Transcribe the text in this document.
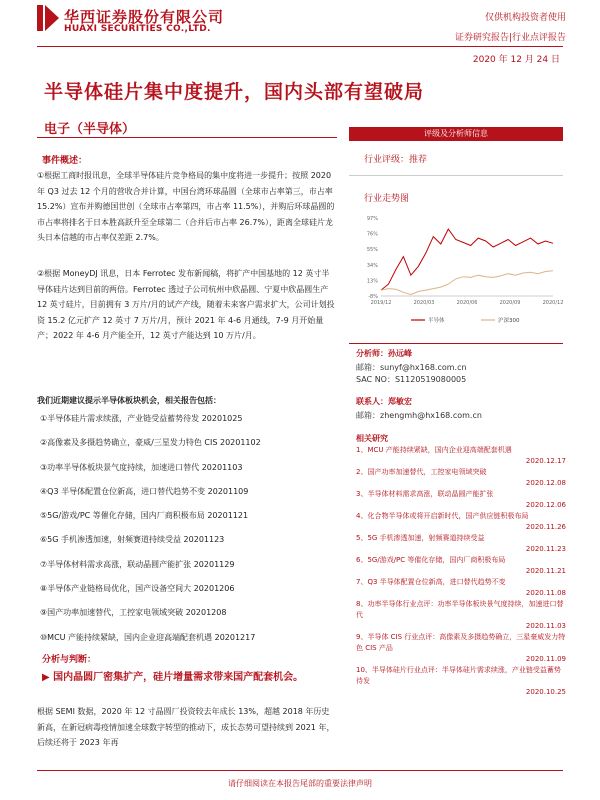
华西证券股份有限公司
HUAXI SECURITIES CO.,LTD.
仅供机构投资者使用
证券研究报告|行业点评报告
2020 年 12 月 24 日
半导体硅片集中度提升，国内头部有望破局
电子（半导体）
事件概述：
①根据工商时报讯息，全球半导体硅片竞争格局的集中度将进一步提升；按照 2020 年 Q3 过去 12 个月的营收合并计算，中国台湾环球晶圆（全球市占率第三，市占率 15.2%）宣布并购德国世创（全球市占率第四，市占率 11.5%），并购后环球晶圆的市占率将排名于日本胜高跃升至全球第二（合并后市占率 26.7%），距离全球硅片龙头日本信越的市占率仅差距 2.7%。
②根据 MoneyDJ 讯息，日本 Ferrotec 发布新闻稿，将扩产中国基地的 12 英寸半导体硅片达到目前的两倍。Ferrotec 透过子公司杭州中欣晶圆、宁夏中欣晶圆生产 12 英寸硅片，目前拥有 3 万片/月的试产产线，随着未来客户需求扩大，公司计划投资 15.2 亿元扩产 12 英寸 7 万片/月，预计 2021 年 4-6 月通线，7-9 月开始量产；2022 年 4-6 月产能全开，12 英寸产能达到 10 万片/月。
我们近期建议提示半导体板块机会，相关报告包括：
①半导体硅片需求续涨，产业链受益蓄势待发 20201025
②高像素及多摄趋势确立，豪威/三星发力特色 CIS 20201102
③功率半导体板块景气度持续，加速进口替代 20201103
④Q3 半导体配置仓位新高，进口替代趋势不变 20201109
⑤5G/游戏/PC 等催化存储，国内厂商积极布局 20201121
⑥5G 手机渗透加速，射频赛道持续受益 20201123
⑦半导体材料需求高涨，联动晶圆产能扩张 20201129
⑧半导体产业链格局优化，国产设备空间大 20201206
⑨国产功率加速替代，工控家电领域突破 20201208
⑩MCU 产能持续紧缺，国内企业迎高端配套机遇 20201217
分析与判断：
▶ 国内晶圆厂密集扩产，硅片增量需求带来国产配套机会。
根据 SEMI 数据，2020 年 12 寸晶圆厂投资较去年成长 13%，超越 2018 年历史新高，在新冠病毒疫情加速全球数字转型的推动下，成长态势可望持续到 2021 年，后续还将于 2023 年再
评级及分析师信息
行业评级：推荐
行业走势图
97%
76%
55%
34%
13%
-8%
2019/12	2020/03	2020/06	2020/09	2020/12
半导体	沪深300
分析师：孙远峰
邮箱：sunyf@hx168.com.cn
SAC NO：S1120519080005
联系人：郑敏宏
邮箱：zhengmh@hx168.com.cn
相关研究
1、MCU 产能持续紧缺，国内企业迎高端配套机遇
2020.12.17
2、国产功率加速替代，工控家电领域突破
2020.12.08
3、半导体材料需求高涨，联动晶圆产能扩张
2020.12.06
4、化合物半导体或将开启新时代，国产供应链积极布局
2020.11.26
5、5G 手机渗透加速，射频赛道持续受益
2020.11.23
6、5G/游戏/PC 等催化存储，国内厂商积极布局
2020.11.21
7、Q3 半导体配置仓位新高，进口替代趋势不变
2020.11.08
8、功率半导体行业点评：功率半导体板块景气度持续，加速进口替代
2020.11.03
9、半导体 CIS 行业点评：高像素及多摄趋势确立，三星豪威发力特色 CIS 产品
2020.11.09
10、半导体硅片行业点评：半导体硅片需求续涨，产业链受益蓄势待发
2020.10.25
请仔细阅读在本报告尾部的重要法律声明
